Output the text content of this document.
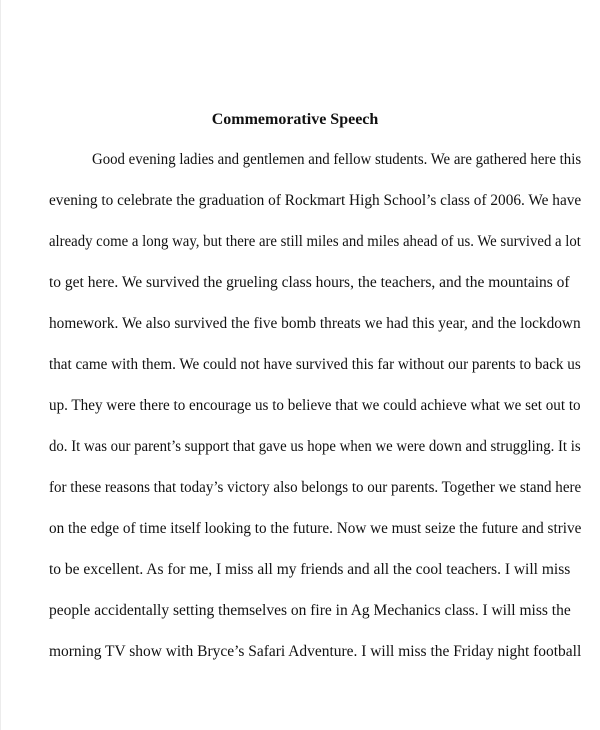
Commemorative Speech
Good evening ladies and gentlemen and fellow students. We are gathered here this
evening to celebrate the graduation of Rockmart High School’s class of 2006. We have
already come a long way, but there are still miles and miles ahead of us. We survived a lot
to get here. We survived the grueling class hours, the teachers, and the mountains of
homework. We also survived the five bomb threats we had this year, and the lockdown
that came with them. We could not have survived this far without our parents to back us
up. They were there to encourage us to believe that we could achieve what we set out to
do. It was our parent’s support that gave us hope when we were down and struggling. It is
for these reasons that today’s victory also belongs to our parents. Together we stand here
on the edge of time itself looking to the future. Now we must seize the future and strive
to be excellent. As for me, I miss all my friends and all the cool teachers. I will miss
people accidentally setting themselves on fire in Ag Mechanics class. I will miss the
morning TV show with Bryce’s Safari Adventure. I will miss the Friday night football
